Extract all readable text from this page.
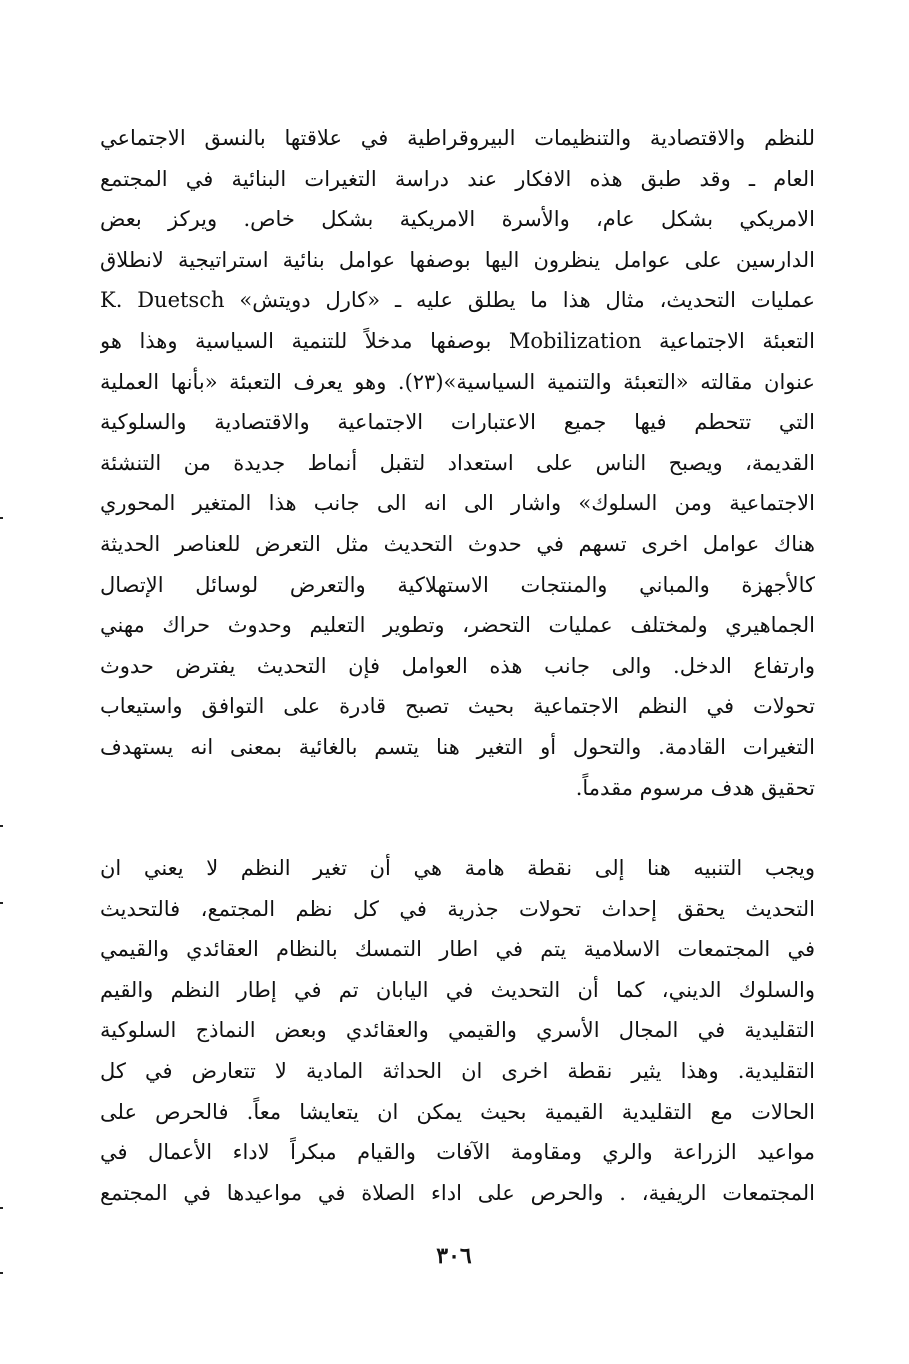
للنظم والاقتصادية والتنظيمات البيروقراطية في علاقتها بالنسق الاجتماعي
العام ـ وقد طبق هذه الافكار عند دراسة التغيرات البنائية في المجتمع
الامريكي بشكل عام، والأسرة الامريكية بشكل خاص. ويركز بعض
الدارسين على عوامل ينظرون اليها بوصفها عوامل بنائية استراتيجية لانطلاق
عمليات التحديث، مثال هذا ما يطلق عليه ـ «كارل دويتش» K. Duetsch
التعبئة الاجتماعية Mobilization بوصفها مدخلاً للتنمية السياسية وهذا هو
عنوان مقالته «التعبئة والتنمية السياسية»(٢٣). وهو يعرف التعبئة «بأنها العملية
التي تتحطم فيها جميع الاعتبارات الاجتماعية والاقتصادية والسلوكية
القديمة، ويصبح الناس على استعداد لتقبل أنماط جديدة من التنشئة
الاجتماعية ومن السلوك» واشار الى انه الى جانب هذا المتغير المحوري
هناك عوامل اخرى تسهم في حدوث التحديث مثل التعرض للعناصر الحديثة
كالأجهزة والمباني والمنتجات الاستهلاكية والتعرض لوسائل الإتصال
الجماهيري ولمختلف عمليات التحضر، وتطوير التعليم وحدوث حراك مهني
وارتفاع الدخل. والى جانب هذه العوامل فإن التحديث يفترض حدوث
تحولات في النظم الاجتماعية بحيث تصبح قادرة على التوافق واستيعاب
التغيرات القادمة. والتحول أو التغير هنا يتسم بالغائية بمعنى انه يستهدف
تحقيق هدف مرسوم مقدماً.
ويجب التنبيه هنا إلى نقطة هامة هي أن تغير النظم لا يعني ان
التحديث يحقق إحداث تحولات جذرية في كل نظم المجتمع، فالتحديث
في المجتمعات الاسلامية يتم في اطار التمسك بالنظام العقائدي والقيمي
والسلوك الديني، كما أن التحديث في اليابان تم في إطار النظم والقيم
التقليدية في المجال الأسري والقيمي والعقائدي وبعض النماذج السلوكية
التقليدية. وهذا يثير نقطة اخرى ان الحداثة المادية لا تتعارض في كل
الحالات مع التقليدية القيمية بحيث يمكن ان يتعايشا معاً. فالحرص على
مواعيد الزراعة والري ومقاومة الآفات والقيام مبكراً لاداء الأعمال في
المجتمعات الريفية، . والحرص على اداء الصلاة في مواعيدها في المجتمع
٣٠٦
